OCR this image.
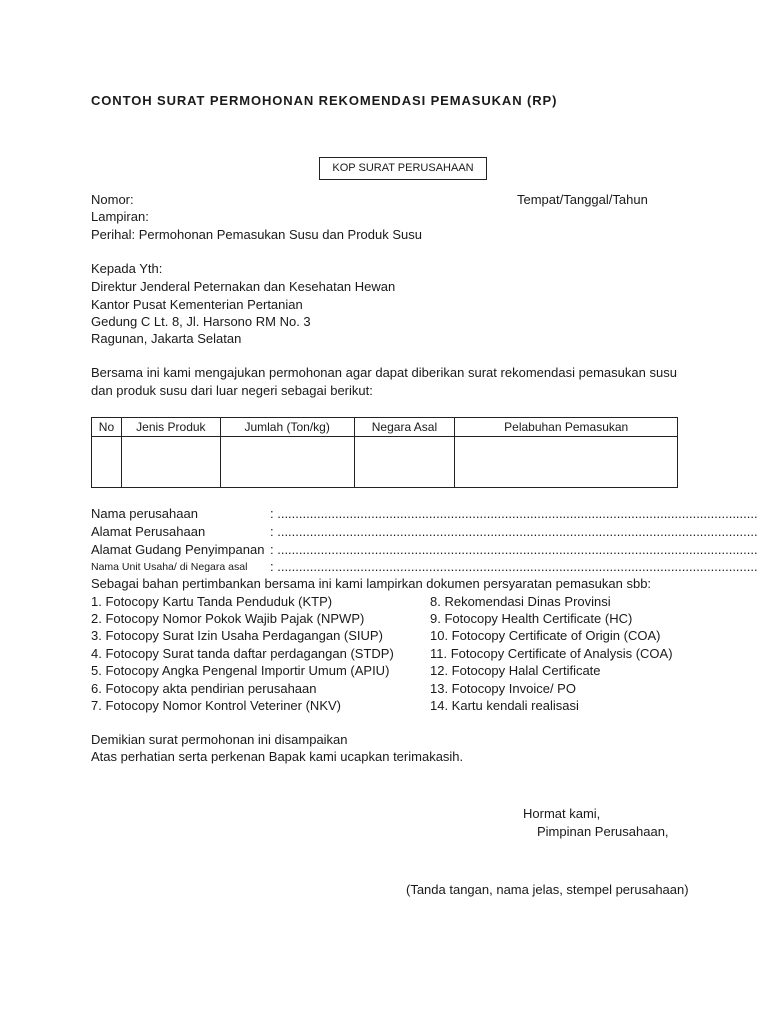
CONTOH SURAT PERMOHONAN REKOMENDASI PEMASUKAN (RP)
KOP SURAT PERUSAHAAN
Nomor:	Tempat/Tanggal/Tahun
Lampiran:
Perihal: Permohonan Pemasukan Susu dan Produk Susu
Kepada Yth:
Direktur Jenderal Peternakan dan Kesehatan Hewan
Kantor Pusat Kementerian Pertanian
Gedung C Lt. 8, Jl. Harsono RM No. 3
Ragunan, Jakarta Selatan
Bersama ini kami mengajukan permohonan agar dapat diberikan surat rekomendasi pemasukan susu dan produk susu dari luar negeri sebagai berikut:
No	Jenis Produk	Jumlah (Ton/kg)	Negara Asal	Pelabuhan Pemasukan

Nama perusahaan	: .....................................................................................................................................
Alamat Perusahaan	: .....................................................................................................................................
Alamat Gudang Penyimpanan : .....................................................................................................................................
Nama Unit Usaha/ di Negara asal : .....................................................................................................................................
Sebagai bahan pertimbankan bersama ini kami lampirkan dokumen persyaratan pemasukan sbb:
1. Fotocopy Kartu Tanda Penduduk (KTP)
2. Fotocopy Nomor Pokok Wajib Pajak (NPWP)
3. Fotocopy Surat Izin Usaha Perdagangan (SIUP)
4. Fotocopy Surat tanda daftar perdagangan (STDP)
5. Fotocopy Angka Pengenal Importir Umum (APIU)
6. Fotocopy akta pendirian perusahaan
7. Fotocopy Nomor Kontrol Veteriner (NKV)
8. Rekomendasi Dinas Provinsi
9. Fotocopy Health Certificate (HC)
10. Fotocopy Certificate of Origin (COA)
11. Fotocopy Certificate of Analysis (COA)
12. Fotocopy Halal Certificate
13. Fotocopy Invoice/ PO
14. Kartu kendali realisasi
Demikian surat permohonan ini disampaikan
Atas perhatian serta perkenan Bapak kami ucapkan terimakasih.
Hormat kami,
Pimpinan Perusahaan,
(Tanda tangan, nama jelas, stempel perusahaan)
